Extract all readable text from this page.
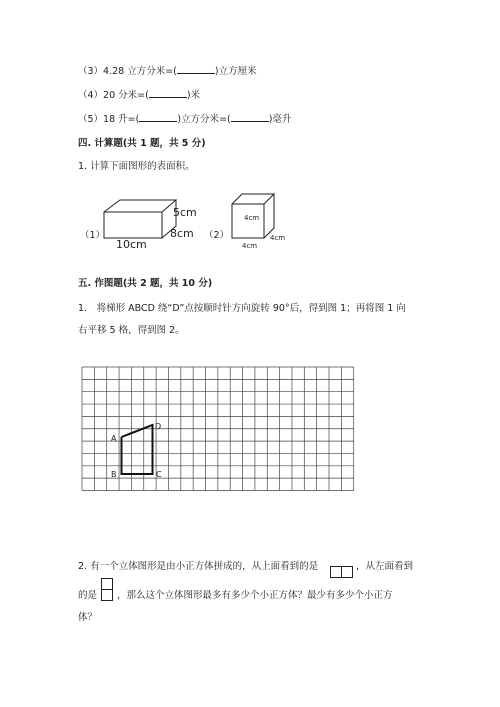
（3）4.28 立方分米=(	)立方厘米
（4）20 分米=(	)米
（5）18 升=(	)立方分米=(	)毫升
四. 计算题(共 1 题，共 5 分)
1. 计算下面图形的表面积。
（1）
5cm
8cm
10cm
（2）
4cm
4cm
4cm
五. 作图题(共 2 题，共 10 分)
1.　将梯形 ABCD 绕“D”点按顺时针方向旋转 90°后，得到图 1；再将图 1 向
右平移 5 格，得到图 2。
A
B	C
D
2. 有一个立体图形是由小正方体拼成的，从上面看到的是	，从左面看到
的是 ，那么这个立体图形最多有多少个小正方体？最少有多少个小正方
体？
